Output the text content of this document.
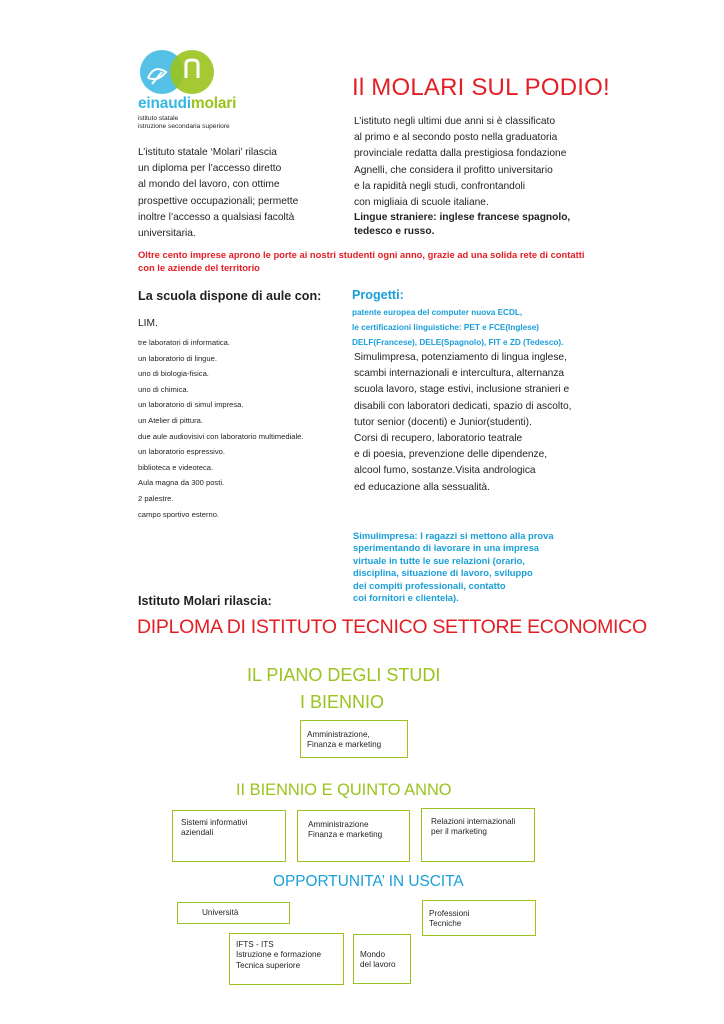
einaudimolari
istituto statale
istruzione secondaria superiore
Il MOLARI SUL PODIO!
L’istituto statale ‘Molari’ rilascia
un diploma per l’accesso diretto
al mondo del lavoro, con ottime
prospettive occupazionali; permette
inoltre l’accesso a qualsiasi facoltà
universitaria.
L’istituto negli ultimi due anni si è classificato
al primo e al secondo posto nella graduatoria
provinciale redatta dalla prestigiosa fondazione
Agnelli, che considera il profitto universitario
e la rapidità negli studi, confrontandoli
con migliaia di scuole italiane.
Lingue straniere: inglese francese spagnolo,
tedesco e russo.
Oltre cento imprese aprono le porte ai nostri studenti ogni anno, grazie ad una solida rete di contatti
con le aziende del territorio
La scuola dispone di aule con:
LIM.
tre laboratori di informatica.
un laboratorio di lingue.
uno di biologia-fisica.
uno di chimica.
un laboratorio di simul impresa.
un Atelier di pittura.
due aule audiovisivi con laboratorio multimediale.
un laboratorio espressivo.
biblioteca e videoteca.
Aula magna da 300 posti.
2 palestre.
campo sportivo esterno.
Progetti:
patente europea del computer nuova ECDL,
le certificazioni linguistiche: PET e FCE(Inglese)
DELF(Francese), DELE(Spagnolo), FIT e ZD (Tedesco).
Simulimpresa, potenziamento di lingua inglese,
scambi internazionali e intercultura, alternanza
scuola lavoro, stage estivi, inclusione stranieri e
disabili con laboratori dedicati, spazio di ascolto,
tutor senior (docenti) e Junior(studenti).
Corsi di recupero, laboratorio teatrale
e di poesia, prevenzione delle dipendenze,
alcool fumo, sostanze.Visita andrologica
ed educazione alla sessualità.
Simulimpresa: I ragazzi si mettono alla prova
sperimentando di lavorare in una impresa
virtuale in tutte le sue relazioni (orario,
disciplina, situazione di lavoro, sviluppo
dei compiti professionali, contatto
coi fornitori e clientela).
Istituto Molari rilascia:
DIPLOMA DI ISTITUTO TECNICO SETTORE ECONOMICO
IL PIANO DEGLI STUDI
I BIENNIO
Amministrazione,
Finanza e marketing
· · · · ·
II BIENNIO E QUINTO ANNO
Sistemi informativi
aziendali
Amministrazione
Finanza e marketing
Relazioni internazionali
per il marketing
OPPORTUNITA’ IN USCITA
Università	Professioni
Tecniche
IFTS - ITS
Istruzione e formazione
Tecnica superiore
Mondo
del lavoro
